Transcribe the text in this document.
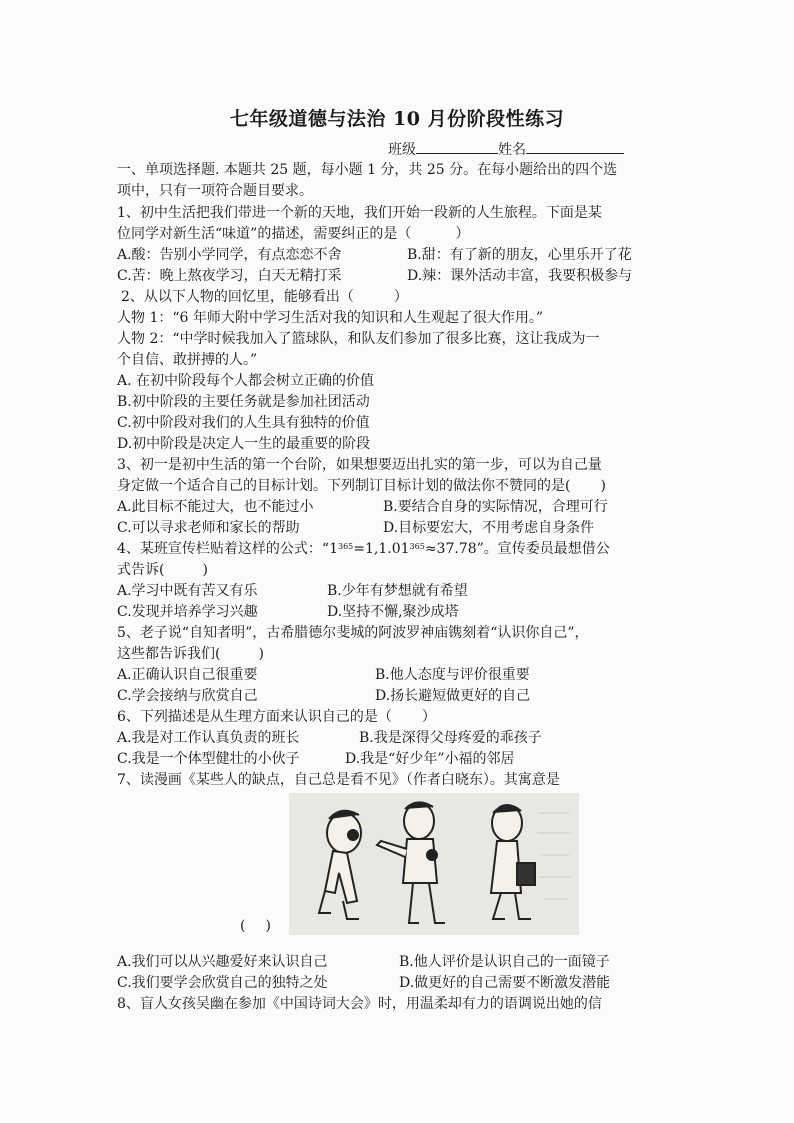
七年级道德与法治 10 月份阶段性练习
班级	姓名
一、单项选择题. 本题共 25 题，每小题 1 分，共 25 分。在每小题给出的四个选
项中，只有一项符合题目要求。
1、初中生活把我们带进一个新的天地，我们开始一段新的人生旅程。下面是某
位同学对新生活“味道”的描述，需要纠正的是（	）
A.酸：告别小学同学，有点恋恋不舍	B.甜：有了新的朋友，心里乐开了花
C.苦：晚上熬夜学习，白天无精打采	D.辣：课外活动丰富，我要积极参与
2、从以下人物的回忆里，能够看出（	）
人物 1：“6 年师大附中学习生活对我的知识和人生观起了很大作用。”
人物 2：“中学时候我加入了篮球队，和队友们参加了很多比赛，这让我成为一
个自信、敢拼搏的人。”
A. 在初中阶段每个人都会树立正确的价值
B.初中阶段的主要任务就是参加社团活动
C.初中阶段对我们的人生具有独特的价值
D.初中阶段是决定人一生的最重要的阶段
3、初一是初中生活的第一个台阶，如果想要迈出扎实的第一步，可以为自己量
身定做一个适合自己的目标计划。下列制订目标计划的做法你不赞同的是( )
A.此目标不能过大，也不能过小	B.要结合自身的实际情况，合理可行
C.可以寻求老师和家长的帮助	D.目标要宏大，不用考虑自身条件
4、某班宣传栏贴着这样的公式：“$1^{365}=1,1.01^{365}\approx 37.78$”。宣传委员最想借公
式告诉(	)
A.学习中既有苦又有乐	B.少年有梦想就有希望
C.发现并培养学习兴趣	D.坚持不懈,聚沙成塔
5、老子说“自知者明”，古希腊德尔斐城的阿波罗神庙镌刻着“认识你自己”，
这些都告诉我们(	)
A.正确认识自己很重要	B.他人态度与评价很重要
C.学会接纳与欣赏自己	D.扬长避短做更好的自己
6、下列描述是从生理方面来认识自己的是（ ）
A.我是对工作认真负责的班长	B.我是深得父母疼爱的乖孩子
C.我是一个体型健壮的小伙子	D.我是“好少年”小福的邻居
7、读漫画《某些人的缺点，自己总是看不见》（作者白晓东）。其寓意是
( )
A.我们可以从兴趣爱好来认识自己	B.他人评价是认识自己的一面镜子
C.我们要学会欣赏自己的独特之处	D.做更好的自己需要不断激发潜能
8、盲人女孩吴幽在参加《中国诗词大会》时，用温柔却有力的语调说出她的信
